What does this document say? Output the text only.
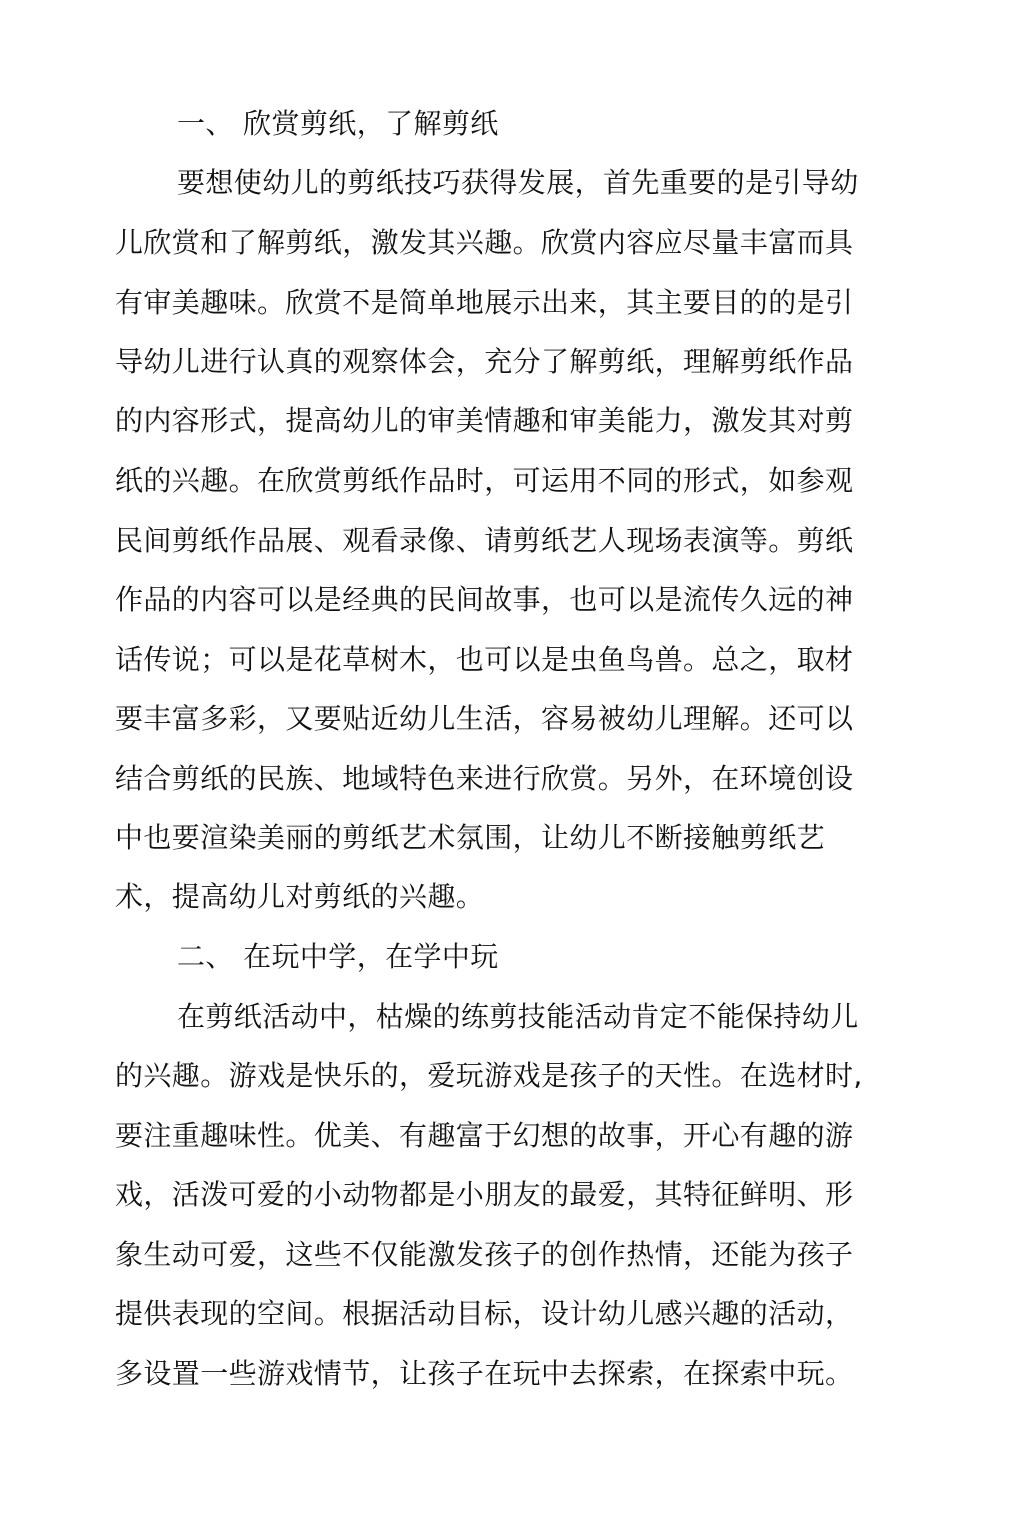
一、 欣赏剪纸，了解剪纸
要想使幼儿的剪纸技巧获得发展，首先重要的是引导幼
儿欣赏和了解剪纸，激发其兴趣。欣赏内容应尽量丰富而具
有审美趣味。欣赏不是简单地展示出来，其主要目的的是引
导幼儿进行认真的观察体会，充分了解剪纸，理解剪纸作品
的内容形式，提高幼儿的审美情趣和审美能力，激发其对剪
纸的兴趣。在欣赏剪纸作品时，可运用不同的形式，如参观
民间剪纸作品展、观看录像、请剪纸艺人现场表演等。剪纸
作品的内容可以是经典的民间故事，也可以是流传久远的神
话传说；可以是花草树木，也可以是虫鱼鸟兽。总之，取材
要丰富多彩，又要贴近幼儿生活，容易被幼儿理解。还可以
结合剪纸的民族、地域特色来进行欣赏。另外，在环境创设
中也要渲染美丽的剪纸艺术氛围，让幼儿不断接触剪纸艺
术，提高幼儿对剪纸的兴趣。
二、 在玩中学，在学中玩
在剪纸活动中，枯燥的练剪技能活动肯定不能保持幼儿
的兴趣。游戏是快乐的，爱玩游戏是孩子的天性。在选材时,
要注重趣味性。优美、有趣富于幻想的故事，开心有趣的游
戏，活泼可爱的小动物都是小朋友的最爱，其特征鲜明、形
象生动可爱，这些不仅能激发孩子的创作热情，还能为孩子
提供表现的空间。根据活动目标，设计幼儿感兴趣的活动，
多设置一些游戏情节，让孩子在玩中去探索，在探索中玩。
